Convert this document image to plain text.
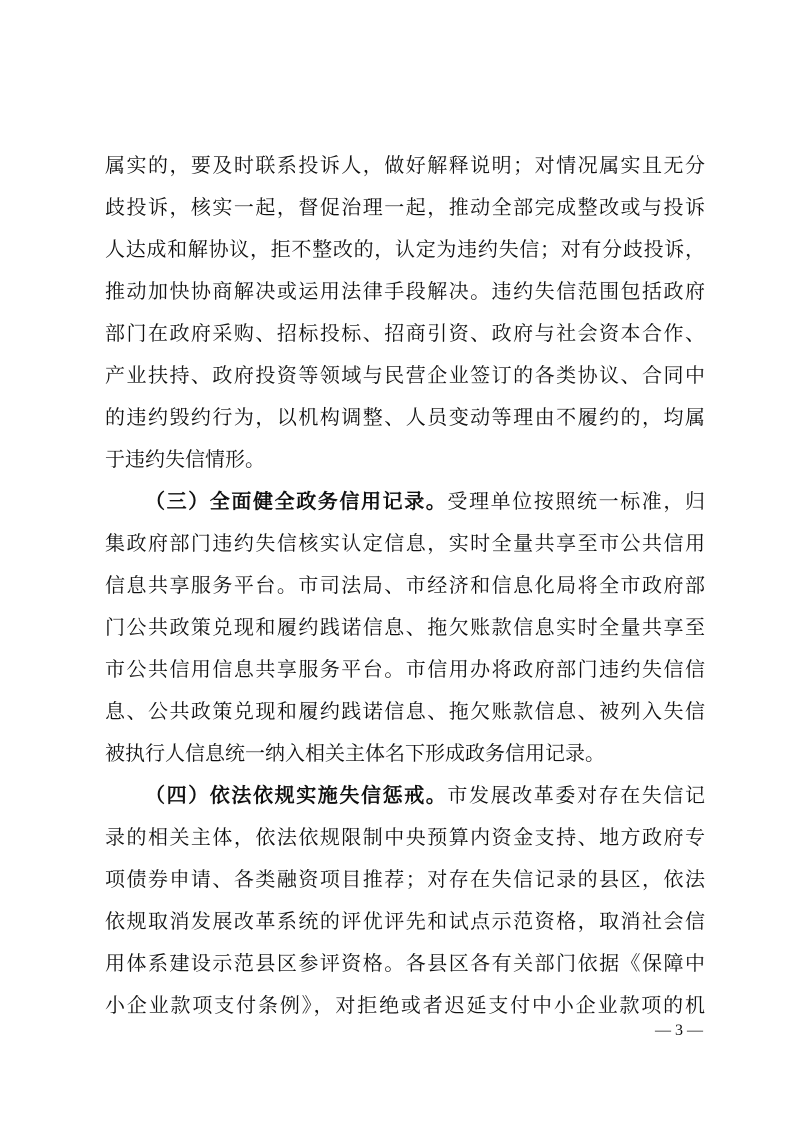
属实的，要及时联系投诉人，做好解释说明；对情况属实且无分
歧投诉，核实一起，督促治理一起，推动全部完成整改或与投诉
人达成和解协议，拒不整改的，认定为违约失信；对有分歧投诉，
推动加快协商解决或运用法律手段解决。违约失信范围包括政府
部门在政府采购、招标投标、招商引资、政府与社会资本合作、
产业扶持、政府投资等领域与民营企业签订的各类协议、合同中
的违约毁约行为，以机构调整、人员变动等理由不履约的，均属
于违约失信情形。
（三）全面健全政务信用记录。受理单位按照统一标准，归
集政府部门违约失信核实认定信息，实时全量共享至市公共信用
信息共享服务平台。市司法局、市经济和信息化局将全市政府部
门公共政策兑现和履约践诺信息、拖欠账款信息实时全量共享至
市公共信用信息共享服务平台。市信用办将政府部门违约失信信
息、公共政策兑现和履约践诺信息、拖欠账款信息、被列入失信
被执行人信息统一纳入相关主体名下形成政务信用记录。
（四）依法依规实施失信惩戒。市发展改革委对存在失信记
录的相关主体，依法依规限制中央预算内资金支持、地方政府专
项债券申请、各类融资项目推荐；对存在失信记录的县区，依法
依规取消发展改革系统的评优评先和试点示范资格，取消社会信
用体系建设示范县区参评资格。各县区各有关部门依据《保障中
小企业款项支付条例》，对拒绝或者迟延支付中小企业款项的机
— 3 —
